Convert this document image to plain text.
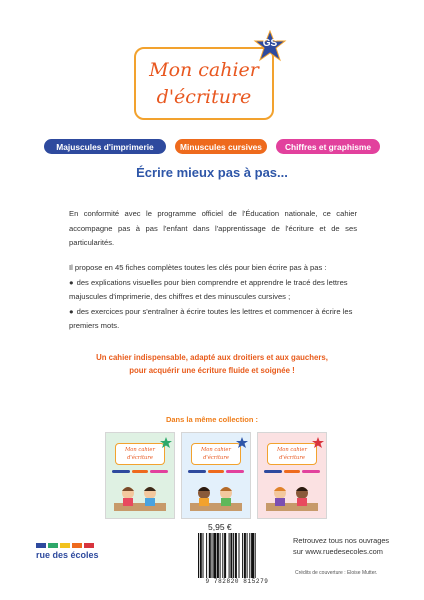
Mon cahier
d'écriture
GS
Majuscules d'imprimerie	Minuscules cursives	Chiffres et graphisme
Écrire mieux pas à pas...
En conformité avec le programme officiel de l'Éducation nationale, ce cahier accompagne pas à pas l'enfant dans l'apprentissage de l'écriture et de ses particularités.
Il propose en 45 fiches complètes toutes les clés pour bien écrire pas à pas :
● des explications visuelles pour bien comprendre et apprendre le tracé des lettres majuscules d'imprimerie, des chiffres et des minuscules cursives ;
● des exercices pour s'entraîner à écrire toutes les lettres et commencer à écrire les premiers mots.
Un cahier indispensable, adapté aux droitiers et aux gauchers,
pour acquérir une écriture fluide et soignée !
Dans la même collection :
Mon cahier
d'écriture
Mon cahier
d'écriture
Mon cahier
d'écriture
5,95 €
9 782820 815279
rue des écoles
Retrouvez tous nos ouvrages
sur www.ruedesecoles.com
Crédits de couverture : Eloise Mutter.
